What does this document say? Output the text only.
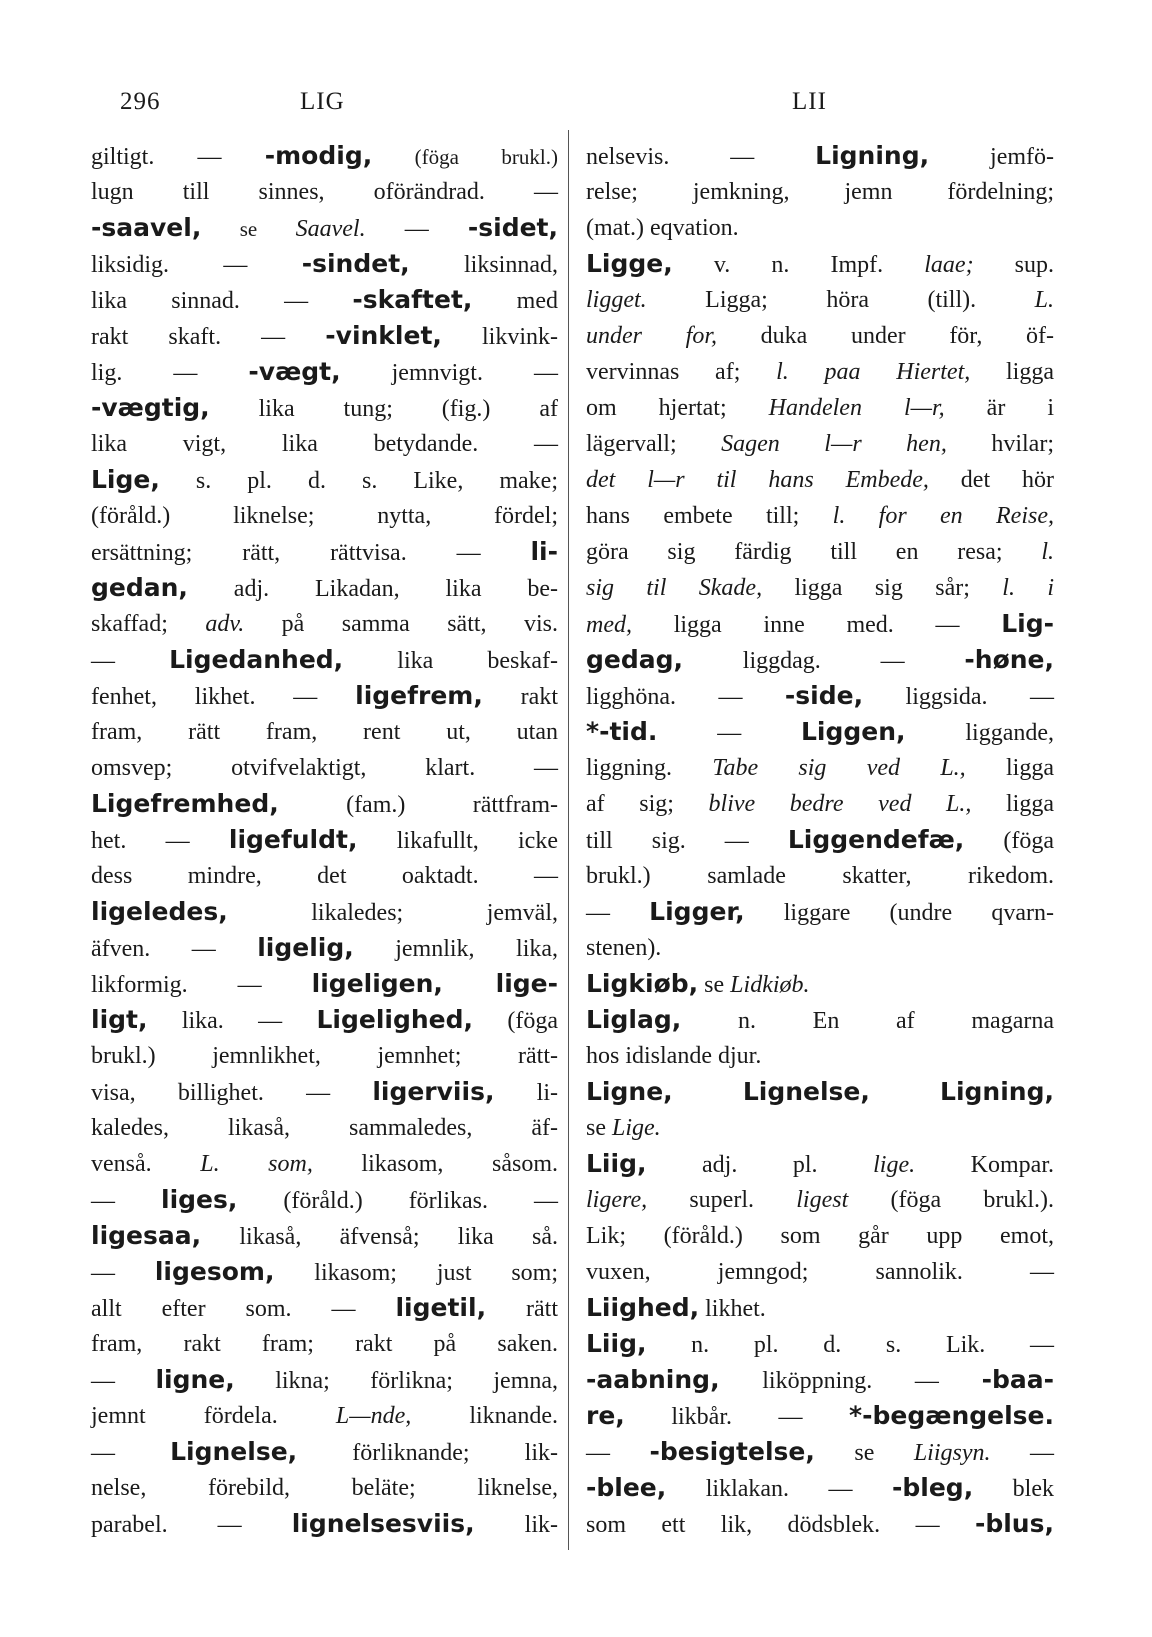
296	LIG	LII
giltigt. — -modig, (föga brukl.)
lugn till sinnes, oförändrad. —
-saavel, se Saavel. — -sidet,
liksidig. — -sindet, liksinnad,
lika sinnad. — -skaftet, med
rakt skaft. — -vinklet, likvink-
lig. — -vægt, jemnvigt. —
-vægtig, lika tung; (fig.) af
lika vigt, lika betydande. —
Lige, s. pl. d. s. Like, make;
(föråld.) liknelse; nytta, fördel;
ersättning; rätt, rättvisa. — li-
gedan, adj. Likadan, lika be-
skaffad; adv. på samma sätt, vis.
— Ligedanhed, lika beskaf-
fenhet, likhet. — ligefrem, rakt
fram, rätt fram, rent ut, utan
omsvep; otvifvelaktigt, klart. —
Ligefremhed, (fam.) rättfram-
het. — ligefuldt, likafullt, icke
dess mindre, det oaktadt. —
ligeledes, likaledes; jemväl,
äfven. — ligelig, jemnlik, lika,
likformig. — ligeligen, lige-
ligt, lika. — Ligelighed, (föga
brukl.) jemnlikhet, jemnhet; rätt-
visa, billighet. — ligerviis, li-
kaledes, likaså, sammaledes, äf-
venså. L. som, likasom, såsom.
— liges, (föråld.) förlikas. —
ligesaa, likaså, äfvenså; lika så.
— ligesom, likasom; just som;
allt efter som. — ligetil, rätt
fram, rakt fram; rakt på saken.
— ligne, likna; förlikna; jemna,
jemnt fördela. L—nde, liknande.
— Lignelse, förliknande; lik-
nelse, förebild, beläte; liknelse,
parabel. — lignelsesviis, lik-
nelsevis. — Ligning, jemfö-
relse; jemkning, jemn fördelning;
(mat.) eqvation.
Ligge, v. n. Impf. laae; sup.
ligget. Ligga; höra (till). L.
under for, duka under för, öf-
vervinnas af; l. paa Hiertet, ligga
om hjertat; Handelen l—r, är i
lägervall; Sagen l—r hen, hvilar;
det l—r til hans Embede, det hör
hans embete till; l. for en Reise,
göra sig färdig till en resa; l.
sig til Skade, ligga sig sår; l. i
med, ligga inne med. — Lig-
gedag, liggdag. — -høne,
ligghöna. — -side, liggsida. —
*-tid. — Liggen, liggande,
liggning. Tabe sig ved L., ligga
af sig; blive bedre ved L., ligga
till sig. — Liggendefæ, (föga
brukl.) samlade skatter, rikedom.
— Ligger, liggare (undre qvarn-
stenen).
Ligkiøb, se Lidkiøb.
Liglag, n. En af magarna
hos idislande djur.
Ligne, Lignelse, Ligning,
se Lige.
Liig, adj. pl. lige. Kompar.
ligere, superl. ligest (föga brukl.).
Lik; (föråld.) som går upp emot,
vuxen, jemngod; sannolik. —
Liighed, likhet.
Liig, n. pl. d. s. Lik. —
-aabning, liköppning. — -baa-
re, likbår. — *-begængelse.
— -besigtelse, se Liigsyn. —
-blee, liklakan. — -bleg, blek
som ett lik, dödsblek. — -blus,
